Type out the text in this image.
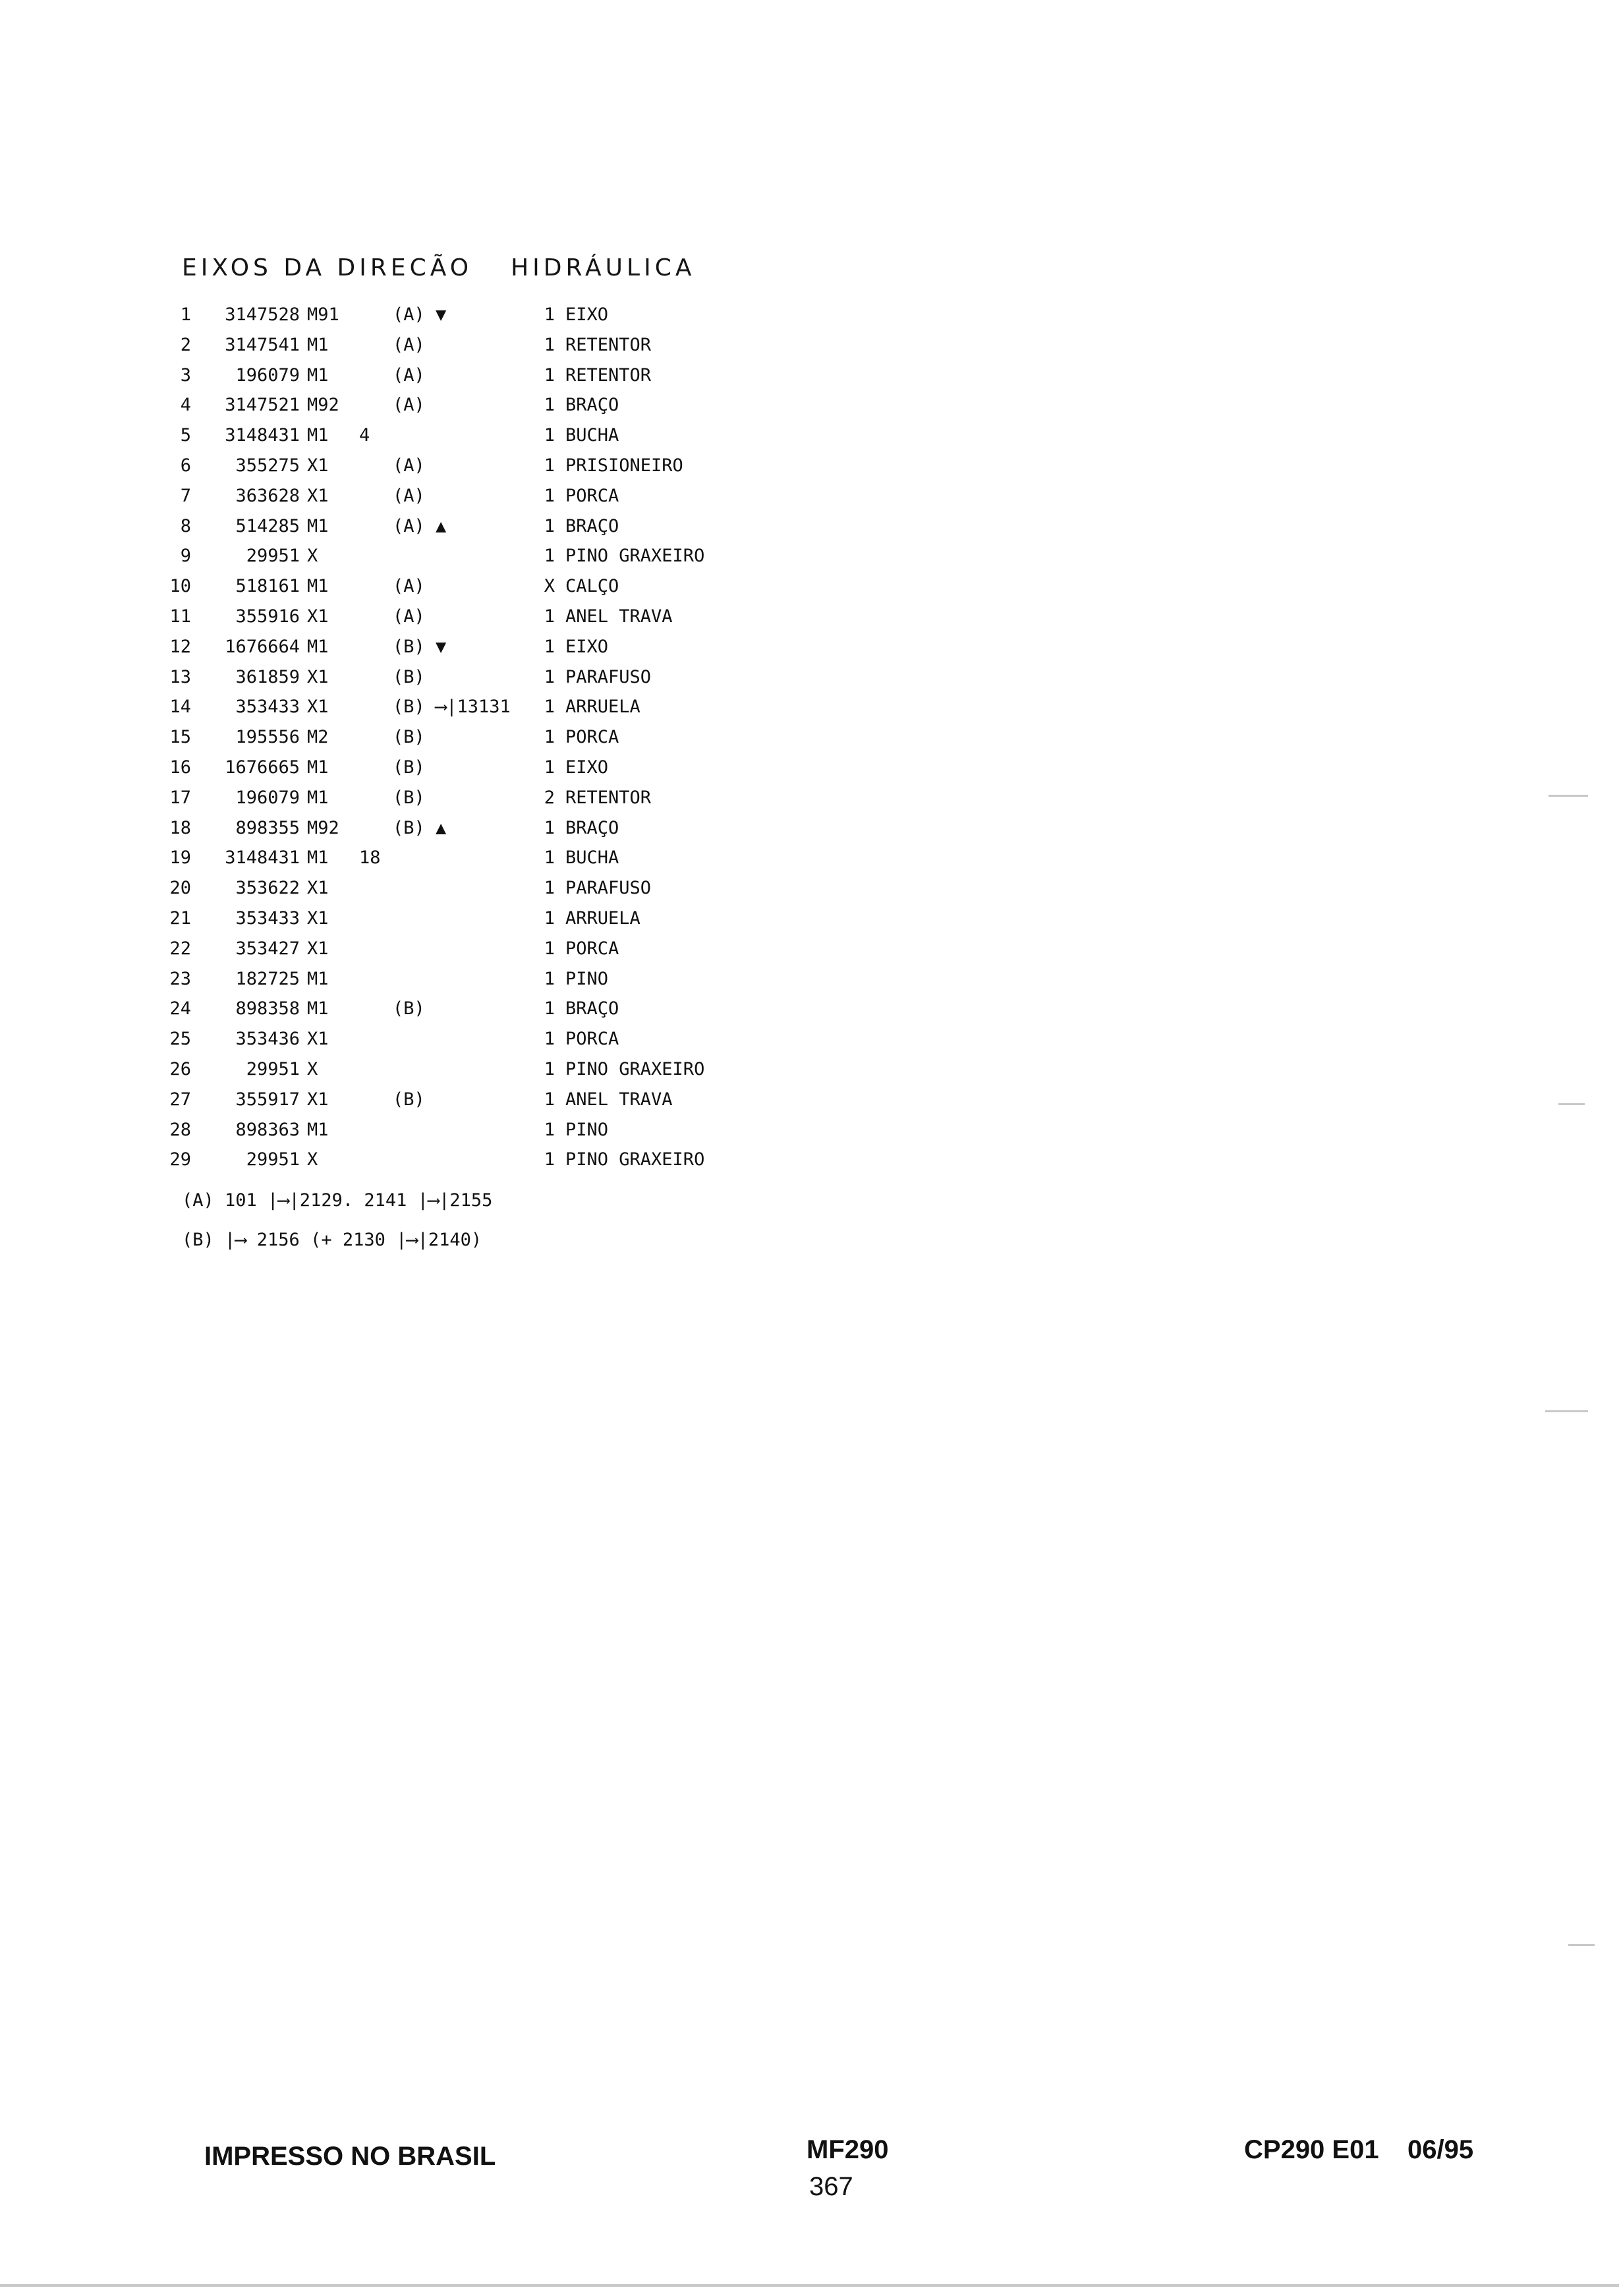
EIXOS DA DIRECÃO HIDRÁULICA
1	3147528 M91	(A) ▼	1 EIXO
2	3147541 M1	(A)	1 RETENTOR
3	196079 M1	(A)	1 RETENTOR
4	3147521 M92	(A)	1 BRAÇO
5	3148431 M1	4	1 BUCHA
6	355275 X1	(A)	1 PRISIONEIRO
7	363628 X1	(A)	1 PORCA
8	514285 M1	(A) ▲	1 BRAÇO
9	29951 X	1 PINO GRAXEIRO
10	518161 M1	(A)	X CALÇO
11	355916 X1	(A)	1 ANEL TRAVA
12	1676664 M1	(B) ▼	1 EIXO
13	361859 X1	(B)	1 PARAFUSO
14	353433 X1	(B) ⟶|13131	1 ARRUELA
15	195556 M2	(B)	1 PORCA
16	1676665 M1	(B)	1 EIXO
17	196079 M1	(B)	2 RETENTOR
18	898355 M92	(B) ▲	1 BRAÇO
19	3148431 M1	18	1 BUCHA
20	353622 X1	1 PARAFUSO
21	353433 X1	1 ARRUELA
22	353427 X1	1 PORCA
23	182725 M1	1 PINO
24	898358 M1	(B)	1 BRAÇO
25	353436 X1	1 PORCA
26	29951 X	1 PINO GRAXEIRO
27	355917 X1	(B)	1 ANEL TRAVA
28	898363 M1	1 PINO
29	29951 X	1 PINO GRAXEIRO
(A) 101 |⟶|2129. 2141 |⟶|2155
(B) |⟶ 2156 (+ 2130 |⟶|2140)
IMPRESSO NO BRASIL	MF290
367
CP290 E01 06/95
